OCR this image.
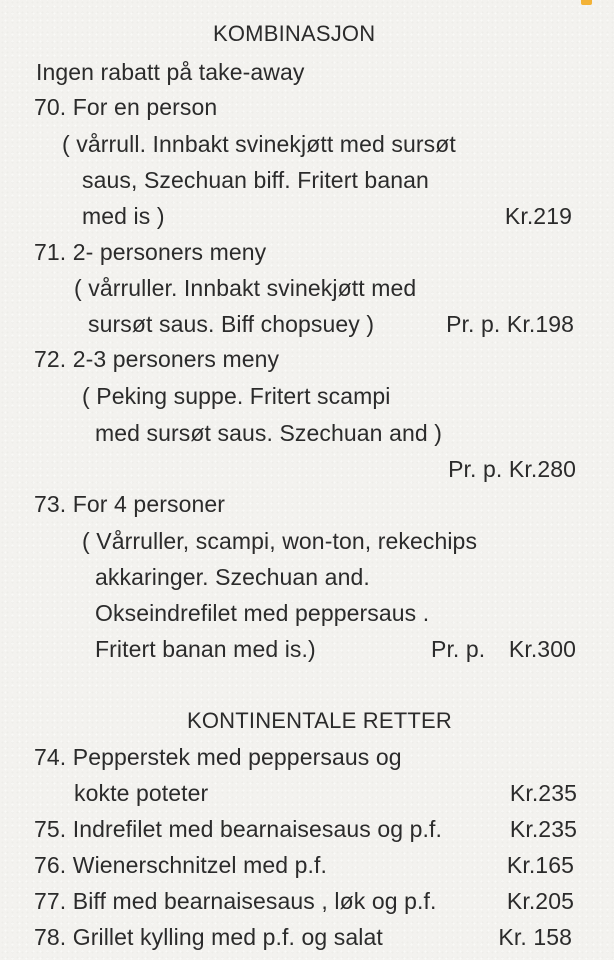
KOMBINASJON
Ingen rabatt på take-away
70. For en person
( vårrull. Innbakt svinekjøtt med sursøt
saus, Szechuan biff. Fritert banan
med is )	Kr.219
71. 2- personers meny
( vårruller. Innbakt svinekjøtt med
sursøt saus. Biff chopsuey )	Pr. p. Kr.198
72. 2-3 personers meny
( Peking suppe. Fritert scampi
med sursøt saus. Szechuan and )
Pr. p. Kr.280
73. For 4 personer
( Vårruller, scampi, won-ton, rekechips
akkaringer. Szechuan and.
Okseindrefilet med peppersaus .
Fritert banan med is.)	Pr. p. Kr.300
KONTINENTALE RETTER
74. Pepperstek med peppersaus og
kokte poteter	Kr.235
75. Indrefilet med bearnaisesaus og p.f.	Kr.235
76. Wienerschnitzel med p.f.	Kr.165
77. Biff med bearnaisesaus , løk og p.f.	Kr.205
78. Grillet kylling med p.f. og salat	Kr. 158
